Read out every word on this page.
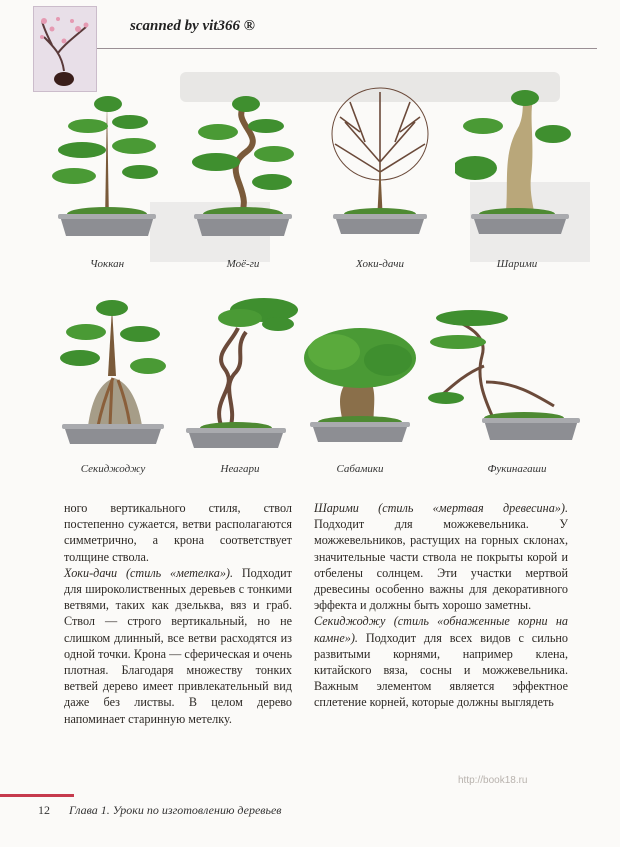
scanned by vit366 ®
Чоккан	Моё-ги	Хоки-дачи	Шарими
Секиджоджу	Неагари	Сабамики	Фукинагаши

ного вертикального стиля, ствол постепенно сужается, ветви располагаются симметрично, а крона соответствует толщине ствола.

Хоки-дачи (стиль «метелка»). Подходит для широколиственных деревьев с тонкими ветвями, таких как дзельква, вяз и граб. Ствол — строго вертикальный, но не слишком длинный, все ветви расходятся из одной точки. Крона — сферическая и очень плотная. Благодаря множеству тонких ветвей дерево имеет привлекательный вид даже без листвы. В целом дерево напоминает старинную метелку.

Шарими (стиль «мертвая древесина»). Подходит для можжевельника. У можжевельников, растущих на горных склонах, значительные части ствола не покрыты корой и отбелены солнцем. Эти участки мертвой древесины особенно важны для декоративного эффекта и должны быть хорошо заметны.

Секиджоджу (стиль «обнаженные корни на камне»). Подходит для всех видов с сильно развитыми корнями, например клена, китайского вяза, сосны и можжевельника. Важным элементом является эффектное сплетение корней, которые должны выглядеть

http://book18.ru
12 Глава 1. Уроки по изготовлению деревьев
